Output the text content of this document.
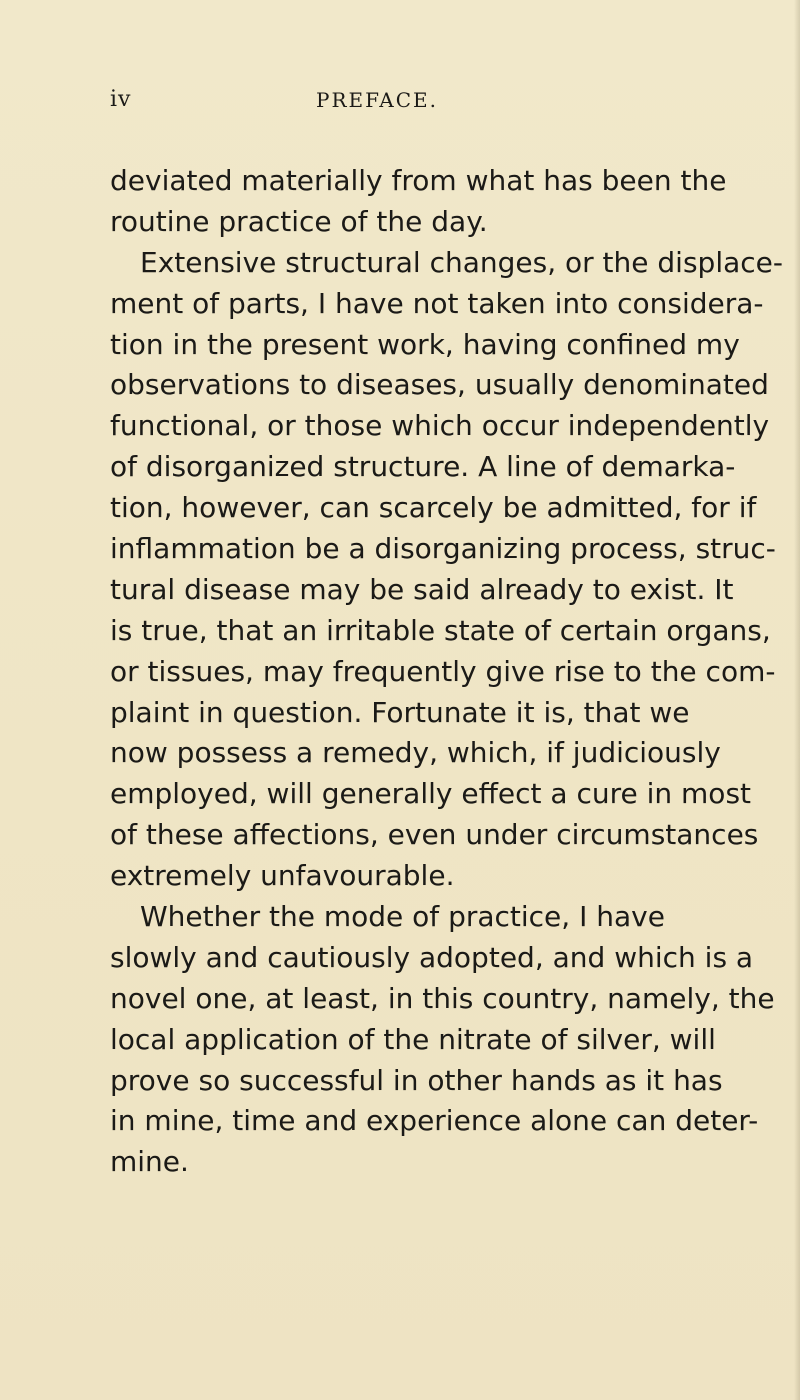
iv	PREFACE.
deviated materially from what has been the
routine practice of the day.
Extensive structural changes, or the displace-
ment of parts, I have not taken into considera-
tion in the present work, having confined my
observations to diseases, usually denominated
functional, or those which occur independently
of disorganized structure. A line of demarka-
tion, however, can scarcely be admitted, for if
inflammation be a disorganizing process, struc-
tural disease may be said already to exist. It
is true, that an irritable state of certain organs,
or tissues, may frequently give rise to the com-
plaint in question. Fortunate it is, that we
now possess a remedy, which, if judiciously
employed, will generally effect a cure in most
of these affections, even under circumstances
extremely unfavourable.
Whether the mode of practice, I have
slowly and cautiously adopted, and which is a
novel one, at least, in this country, namely, the
local application of the nitrate of silver, will
prove so successful in other hands as it has
in mine, time and experience alone can deter-
mine.
